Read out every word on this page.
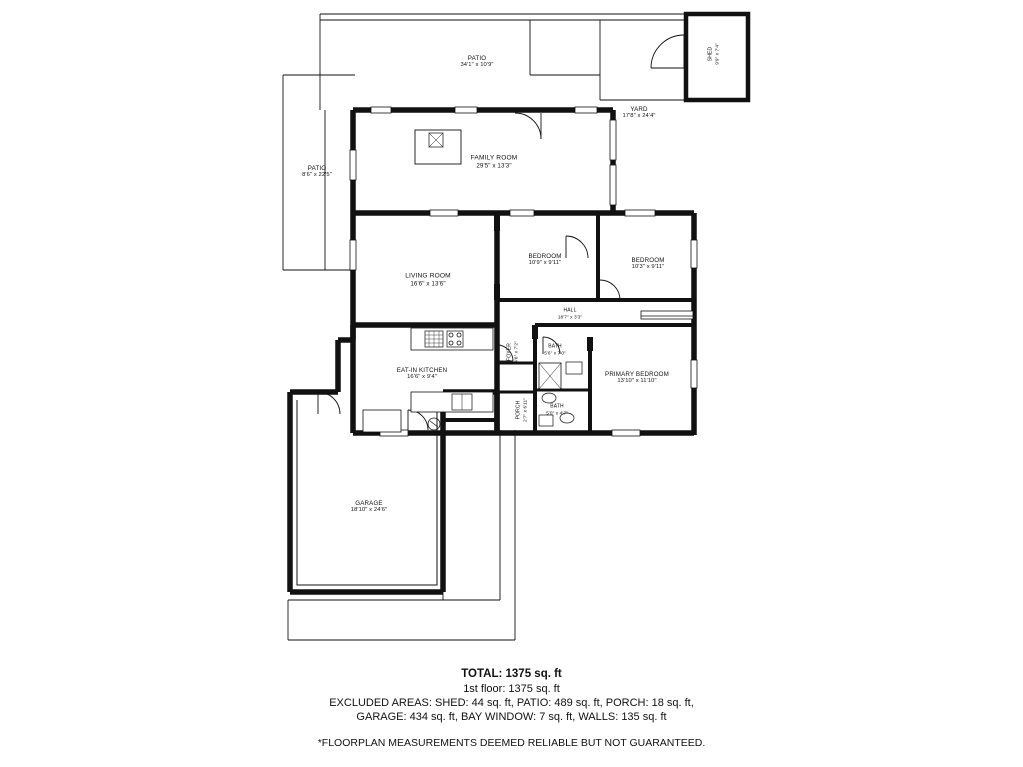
PATIO
34'1" x 10'9"
SHED 9'9" x 7'4"
YARD
17'8" x 24'4"
PATIO
8'6" x 22'5"
FAMILY ROOM
29'5" x 13'3"
BEDROOM
10'9" x 9'11"	BEDROOM
10'3" x 9'11"
LIVING ROOM
16'6" x 13'6"
HALL
18'7" x 3'3"
BATH
5'6" x 7'0"
FOYER 4'6" x 7'2"
EAT-IN KITCHEN
16'6" x 9'4"	PRIMARY BEDROOM
13'10" x 11'10"
BATH
5'0" x 4'7"
PORCH 2'7" x 6'11"
GARAGE
18'10" x 24'6"
TOTAL: 1375 sq. ft
1st floor: 1375 sq. ft
EXCLUDED AREAS: SHED: 44 sq. ft, PATIO: 489 sq. ft, PORCH: 18 sq. ft,
GARAGE: 434 sq. ft, BAY WINDOW: 7 sq. ft, WALLS: 135 sq. ft
*FLOORPLAN MEASUREMENTS DEEMED RELIABLE BUT NOT GUARANTEED.
